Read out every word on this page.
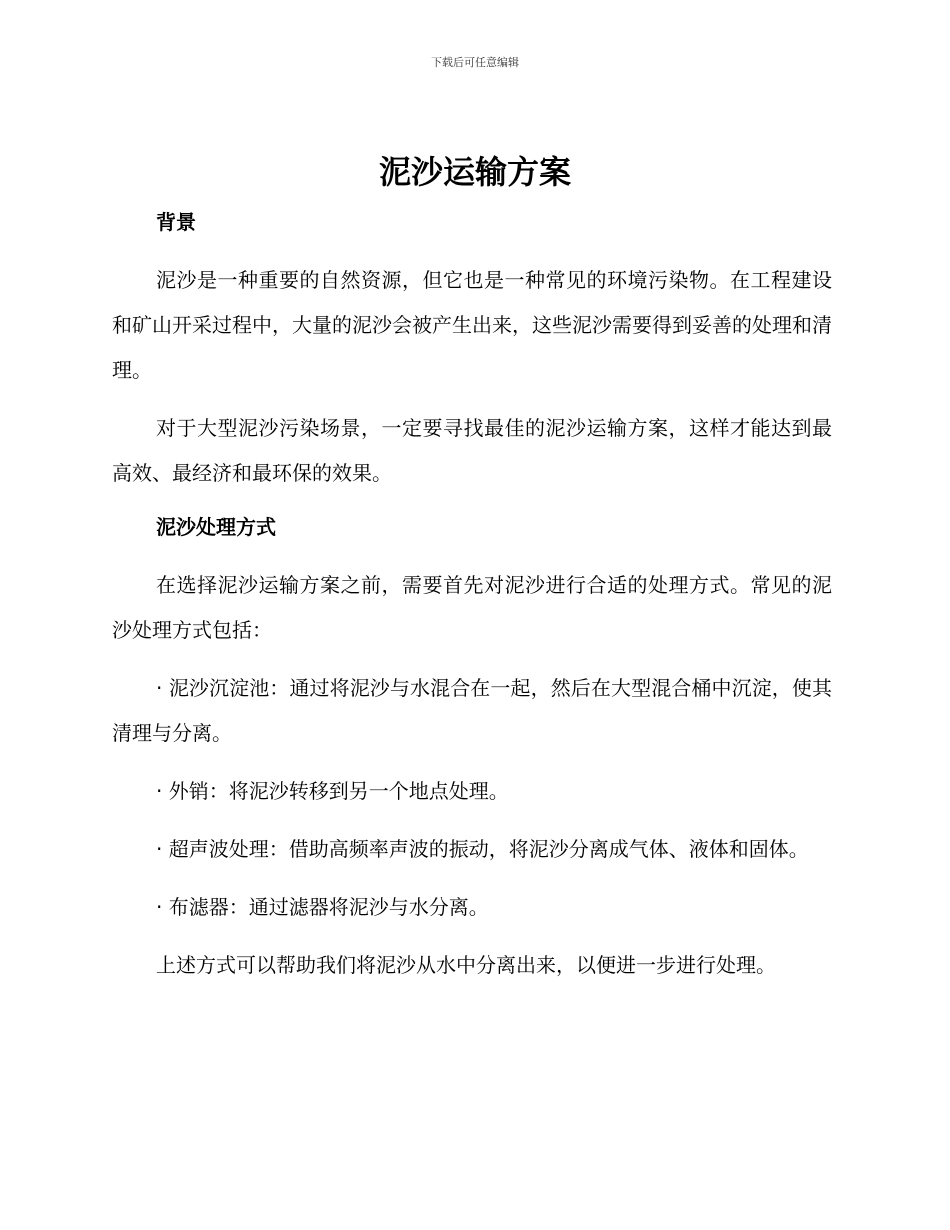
下载后可任意编辑
泥沙运输方案
背景

泥沙是一种重要的自然资源，但它也是一种常见的环境污染物。在工程建设和矿山开采过程中，大量的泥沙会被产生出来，这些泥沙需要得到妥善的处理和清理。

对于大型泥沙污染场景，一定要寻找最佳的泥沙运输方案，这样才能达到最高效、最经济和最环保的效果。

泥沙处理方式

在选择泥沙运输方案之前，需要首先对泥沙进行合适的处理方式。常见的泥沙处理方式包括：

· 泥沙沉淀池：通过将泥沙与水混合在一起，然后在大型混合桶中沉淀，使其清理与分离。

· 外销：将泥沙转移到另一个地点处理。

· 超声波处理：借助高频率声波的振动，将泥沙分离成气体、液体和固体。

· 布滤器：通过滤器将泥沙与水分离。

上述方式可以帮助我们将泥沙从水中分离出来，以便进一步进行处理。
